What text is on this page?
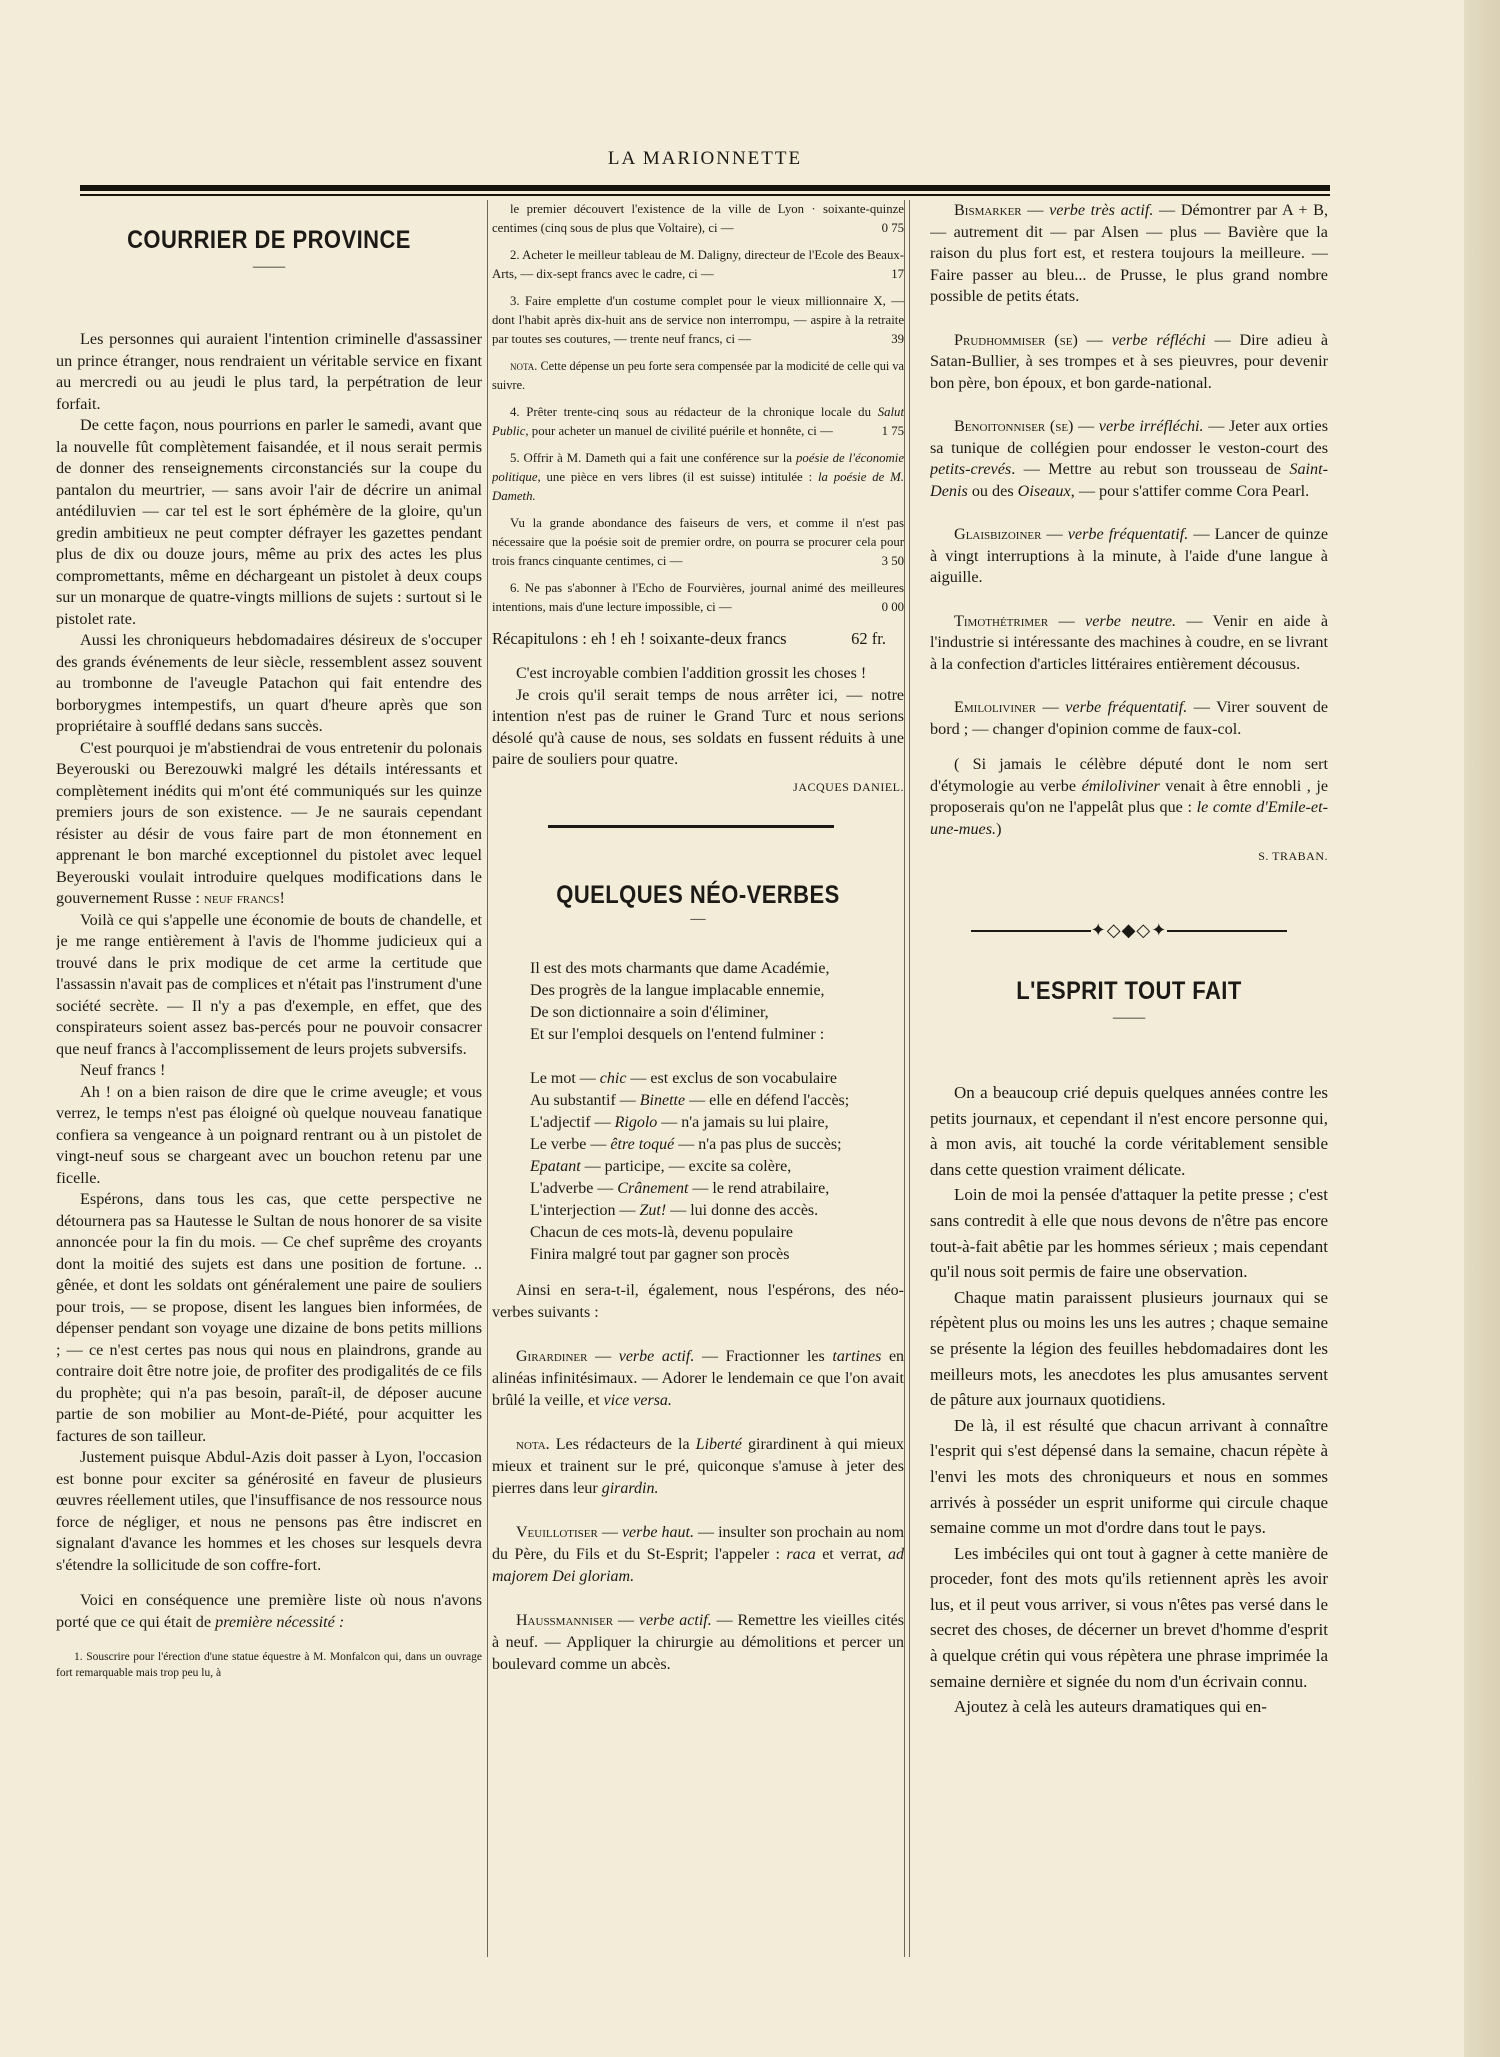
LA MARIONNETTE
COURRIER DE PROVINCE
——

Les personnes qui auraient l'intention criminelle d'assassiner un prince étranger, nous rendraient un véritable service en fixant au mercredi ou au jeudi le plus tard, la perpétration de leur forfait.

De cette façon, nous pourrions en parler le samedi, avant que la nouvelle fût complètement faisandée, et il nous serait permis de donner des renseignements circonstanciés sur la coupe du pantalon du meurtrier, — sans avoir l'air de décrire un animal antédiluvien — car tel est le sort éphémère de la gloire, qu'un gredin ambitieux ne peut compter défrayer les gazettes pendant plus de dix ou douze jours, même au prix des actes les plus compromettants, même en déchargeant un pistolet à deux coups sur un monarque de quatre-vingts millions de sujets : surtout si le pistolet rate.

Aussi les chroniqueurs hebdomadaires désireux de s'occuper des grands événements de leur siècle, ressemblent assez souvent au trombonne de l'aveugle Patachon qui fait entendre des borborygmes intempestifs, un quart d'heure après que son propriétaire à soufflé dedans sans succès.

C'est pourquoi je m'abstiendrai de vous entretenir du polonais Beyerouski ou Berezouwki malgré les détails intéressants et complètement inédits qui m'ont été communiqués sur les quinze premiers jours de son existence. — Je ne saurais cependant résister au désir de vous faire part de mon étonnement en apprenant le bon marché exceptionnel du pistolet avec lequel Beyerouski voulait introduire quelques modifications dans le gouvernement Russe : neuf francs!

Voilà ce qui s'appelle une économie de bouts de chandelle, et je me range entièrement à l'avis de l'homme judicieux qui a trouvé dans le prix modique de cet arme la certitude que l'assassin n'avait pas de complices et n'était pas l'instrument d'une société secrète. — Il n'y a pas d'exemple, en effet, que des conspirateurs soient assez bas-percés pour ne pouvoir consacrer que neuf francs à l'accomplissement de leurs projets subversifs.

Neuf francs !

Ah ! on a bien raison de dire que le crime aveugle; et vous verrez, le temps n'est pas éloigné où quelque nouveau fanatique confiera sa vengeance à un poignard rentrant ou à un pistolet de vingt-neuf sous se chargeant avec un bouchon retenu par une ficelle.

Espérons, dans tous les cas, que cette perspective ne détournera pas sa Hautesse le Sultan de nous honorer de sa visite annoncée pour la fin du mois. — Ce chef suprême des croyants dont la moitié des sujets est dans une position de fortune. .. gênée, et dont les soldats ont généralement une paire de souliers pour trois, — se propose, disent les langues bien informées, de dépenser pendant son voyage une dizaine de bons petits millions ; — ce n'est certes pas nous qui nous en plaindrons, grande au contraire doit être notre joie, de profiter des prodigalités de ce fils du prophète; qui n'a pas besoin, paraît-il, de déposer aucune partie de son mobilier au Mont-de-Piété, pour acquitter les factures de son tailleur.

Justement puisque Abdul-Azis doit passer à Lyon, l'occasion est bonne pour exciter sa générosité en faveur de plusieurs œuvres réellement utiles, que l'insuffisance de nos ressource nous force de négliger, et nous ne pensons pas être indiscret en signalant d'avance les hommes et les choses sur lesquels devra s'étendre la sollicitude de son coffre-fort.

Voici en conséquence une première liste où nous n'avons porté que ce qui était de première nécessité :

1. Souscrire pour l'érection d'une statue équestre à M. Monfalcon qui, dans un ouvrage fort remarquable mais trop peu lu, à

le premier découvert l'existence de la ville de Lyon · soixante-quinze centimes (cinq sous de plus que Voltaire), ci —	0 75

2. Acheter le meilleur tableau de M. Daligny, directeur de l'Ecole des Beaux-Arts, — dix-sept francs avec le cadre, ci —	17

3. Faire emplette d'un costume complet pour le vieux millionnaire X, — dont l'habit après dix-huit ans de service non interrompu, — aspire à la retraite par toutes ses coutures, — trente neuf francs, ci —	39

nota. Cette dépense un peu forte sera compensée par la modicité de celle qui va suivre.

4. Prêter trente-cinq sous au rédacteur de la chronique locale du Salut Public, pour acheter un manuel de civilité puérile et honnête, ci —	1 75

5. Offrir à M. Dameth qui a fait une conférence sur la poésie de l'économie politique, une pièce en vers libres (il est suisse) intitulée : la poésie de M. Dameth.

Vu la grande abondance des faiseurs de vers, et comme il n'est pas nécessaire que la poésie soit de premier ordre, on pourra se procurer cela pour trois francs cinquante centimes, ci —	3 50

6. Ne pas s'abonner à l'Echo de Fourvières, journal animé des meilleures intentions, mais d'une lecture impossible, ci —	0 00

Récapitulons : eh ! eh ! soixante-deux francs	62 fr.

C'est incroyable combien l'addition grossit les choses !

Je crois qu'il serait temps de nous arrêter ici, — notre intention n'est pas de ruiner le Grand Turc et nous serions désolé qu'à cause de nous, ses soldats en fussent réduits à une paire de souliers pour quatre.

JACQUES DANIEL.

QUELQUES NÉO-VERBES
—
Il est des mots charmants que dame Académie,
Des progrès de la langue implacable ennemie,
De son dictionnaire a soin d'éliminer,
Et sur l'emploi desquels on l'entend fulminer :
Le mot — chic — est exclus de son vocabulaire
Au substantif — Binette — elle en défend l'accès;
L'adjectif — Rigolo — n'a jamais su lui plaire,
Le verbe — être toqué — n'a pas plus de succès;
Epatant — participe, — excite sa colère,
L'adverbe — Crânement — le rend atrabilaire,
L'interjection — Zut! — lui donne des accès.
Chacun de ces mots-là, devenu populaire
Finira malgré tout par gagner son procès

Ainsi en sera-t-il, également, nous l'espérons, des néo-verbes suivants :

Girardiner — verbe actif. — Fractionner les tartines en alinéas infinitésimaux. — Adorer le lendemain ce que l'on avait brûlé la veille, et vice versa.

nota. Les rédacteurs de la Liberté girardinent à qui mieux mieux et trainent sur le pré, quiconque s'amuse à jeter des pierres dans leur girardin.

Veuillotiser — verbe haut. — insulter son prochain au nom du Père, du Fils et du St-Esprit; l'appeler : raca et verrat, ad majorem Dei gloriam.

Haussmanniser — verbe actif. — Remettre les vieilles cités à neuf. — Appliquer la chirurgie au démolitions et percer un boulevard comme un abcès.

Bismarker — verbe très actif. — Démontrer par A + B, — autrement dit — par Alsen — plus — Bavière que la raison du plus fort est, et restera toujours la meilleure. — Faire passer au bleu... de Prusse, le plus grand nombre possible de petits états.

Prudhommiser (se) — verbe réfléchi — Dire adieu à Satan-Bullier, à ses trompes et à ses pieuvres, pour devenir bon père, bon époux, et bon garde-national.

Benoitonniser (se) — verbe irréfléchi. — Jeter aux orties sa tunique de collégien pour endosser le veston-court des petits-crevés. — Mettre au rebut son trousseau de Saint-Denis ou des Oiseaux, — pour s'attifer comme Cora Pearl.

Glaisbizoiner — verbe fréquentatif. — Lancer de quinze à vingt interruptions à la minute, à l'aide d'une langue à aiguille.

Timothétrimer — verbe neutre. — Venir en aide à l'industrie si intéressante des machines à coudre, en se livrant à la confection d'articles littéraires entièrement décousus.

Emiloliviner — verbe fréquentatif. — Virer souvent de bord ; — changer d'opinion comme de faux-col.

( Si jamais le célèbre député dont le nom sert d'étymologie au verbe émiloliviner venait à être ennobli , je proposerais qu'on ne l'appelât plus que : le comte d'Emile-et-une-mues.)

S. TRABAN.

✦◇◆◇✦
L'ESPRIT TOUT FAIT
——

On a beaucoup crié depuis quelques années contre les petits journaux, et cependant il n'est encore personne qui, à mon avis, ait touché la corde véritablement sensible dans cette question vraiment délicate.

Loin de moi la pensée d'attaquer la petite presse ; c'est sans contredit à elle que nous devons de n'être pas encore tout-à-fait abêtie par les hommes sérieux ; mais cependant qu'il nous soit permis de faire une observation.

Chaque matin paraissent plusieurs journaux qui se répètent plus ou moins les uns les autres ; chaque semaine se présente la légion des feuilles hebdomadaires dont les meilleurs mots, les anecdotes les plus amusantes servent de pâture aux journaux quotidiens.

De là, il est résulté que chacun arrivant à connaître l'esprit qui s'est dépensé dans la semaine, chacun répète à l'envi les mots des chroniqueurs et nous en sommes arrivés à posséder un esprit uniforme qui circule chaque semaine comme un mot d'ordre dans tout le pays.

Les imbéciles qui ont tout à gagner à cette manière de proceder, font des mots qu'ils retiennent après les avoir lus, et il peut vous arriver, si vous n'êtes pas versé dans le secret des choses, de décerner un brevet d'homme d'esprit à quelque crétin qui vous répètera une phrase imprimée la semaine dernière et signée du nom d'un écrivain connu.

Ajoutez à celà les auteurs dramatiques qui en-
